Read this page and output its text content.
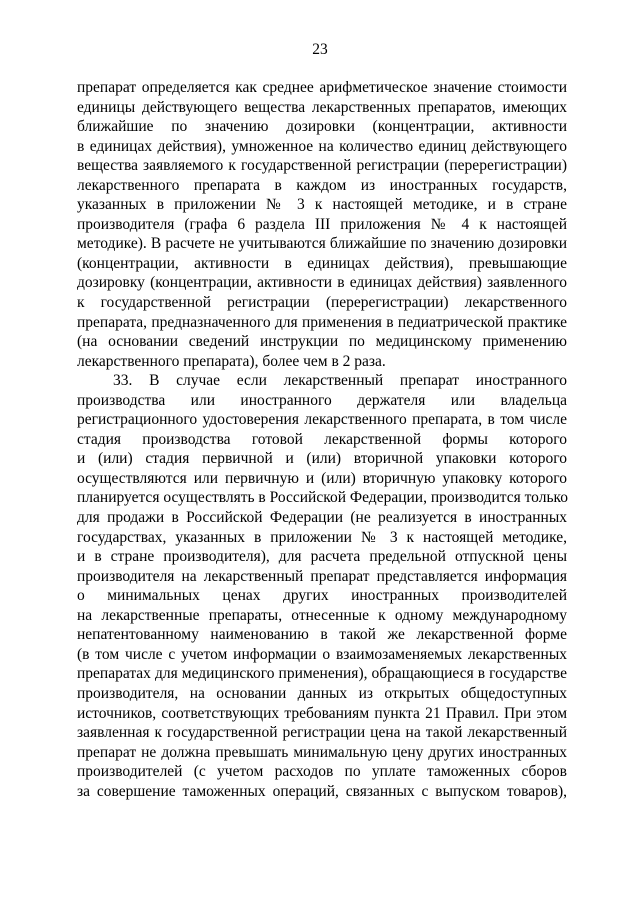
23
препарат определяется как среднее арифметическое значение стоимости
единицы действующего вещества лекарственных препаратов, имеющих
ближайшие по значению дозировки (концентрации, активности
в единицах действия), умноженное на количество единиц действующего
вещества заявляемого к государственной регистрации (перерегистрации)
лекарственного препарата в каждом из иностранных государств,
указанных в приложении № 3 к настоящей методике, и в стране
производителя (графа 6 раздела III приложения № 4 к настоящей
методике). В расчете не учитываются ближайшие по значению дозировки
(концентрации, активности в единицах действия), превышающие
дозировку (концентрации, активности в единицах действия) заявленного
к государственной регистрации (перерегистрации) лекарственного
препарата, предназначенного для применения в педиатрической практике
(на основании сведений инструкции по медицинскому применению
лекарственного препарата), более чем в 2 раза.
33. В случае если лекарственный препарат иностранного
производства или иностранного держателя или владельца
регистрационного удостоверения лекарственного препарата, в том числе
стадия производства готовой лекарственной формы которого
и (или) стадия первичной и (или) вторичной упаковки которого
осуществляются или первичную и (или) вторичную упаковку которого
планируется осуществлять в Российской Федерации, производится только
для продажи в Российской Федерации (не реализуется в иностранных
государствах, указанных в приложении № 3 к настоящей методике,
и в стране производителя), для расчета предельной отпускной цены
производителя на лекарственный препарат представляется информация
о минимальных ценах других иностранных производителей
на лекарственные препараты, отнесенные к одному международному
непатентованному наименованию в такой же лекарственной форме
(в том числе с учетом информации о взаимозаменяемых лекарственных
препаратах для медицинского применения), обращающиеся в государстве
производителя, на основании данных из открытых общедоступных
источников, соответствующих требованиям пункта 21 Правил. При этом
заявленная к государственной регистрации цена на такой лекарственный
препарат не должна превышать минимальную цену других иностранных
производителей (с учетом расходов по уплате таможенных сборов
за совершение таможенных операций, связанных с выпуском товаров),
